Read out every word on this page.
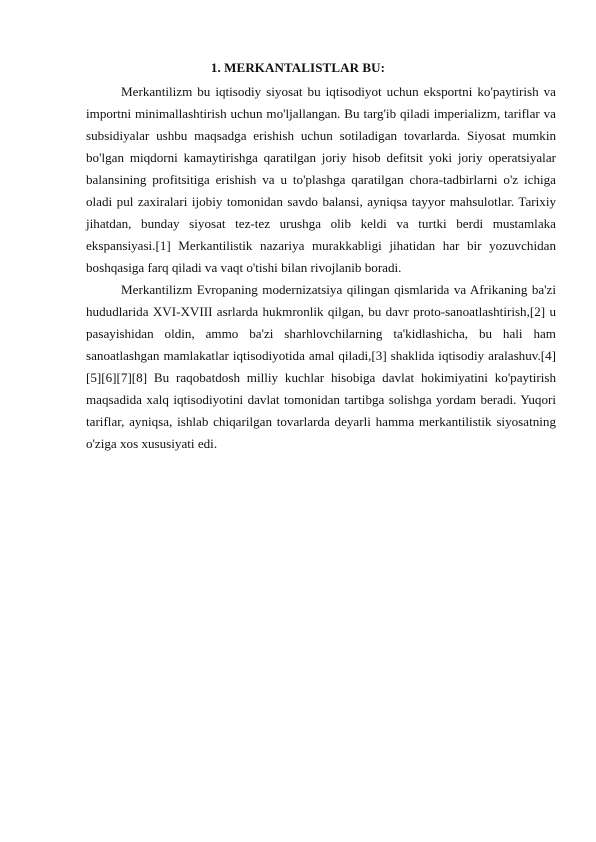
1. MERKANTALISTLAR BU:

Merkantilizm bu iqtisodiy siyosat bu iqtisodiyot uchun eksportni ko'paytirish va importni minimallashtirish uchun mo'ljallangan. Bu targ'ib qiladi imperializm, tariflar va subsidiyalar ushbu maqsadga erishish uchun sotiladigan tovarlarda. Siyosat mumkin bo'lgan miqdorni kamaytirishga qaratilgan joriy hisob defitsit yoki joriy operatsiyalar balansining profitsitiga erishish va u to'plashga qaratilgan chora-tadbirlarni o'z ichiga oladi pul zaxiralari ijobiy tomonidan savdo balansi, ayniqsa tayyor mahsulotlar. Tarixiy jihatdan, bunday siyosat tez-tez urushga olib keldi va turtki berdi mustamlaka ekspansiyasi.[1] Merkantilistik nazariya murakkabligi jihatidan har bir yozuvchidan boshqasiga farq qiladi va vaqt o'tishi bilan rivojlanib boradi.

Merkantilizm Evropaning modernizatsiya qilingan qismlarida va Afrikaning ba'zi hududlarida XVI-XVIII asrlarda hukmronlik qilgan, bu davr proto-sanoatlashtirish,[2] u pasayishidan oldin, ammo ba'zi sharhlovchilarning ta'kidlashicha, bu hali ham sanoatlashgan mamlakatlar iqtisodiyotida amal qiladi,[3] shaklida iqtisodiy aralashuv.[4][5][6][7][8] Bu raqobatdosh milliy kuchlar hisobiga davlat hokimiyatini ko'paytirish maqsadida xalq iqtisodiyotini davlat tomonidan tartibga solishga yordam beradi. Yuqori tariflar, ayniqsa, ishlab chiqarilgan tovarlarda deyarli hamma merkantilistik siyosatning o'ziga xos xususiyati edi.
